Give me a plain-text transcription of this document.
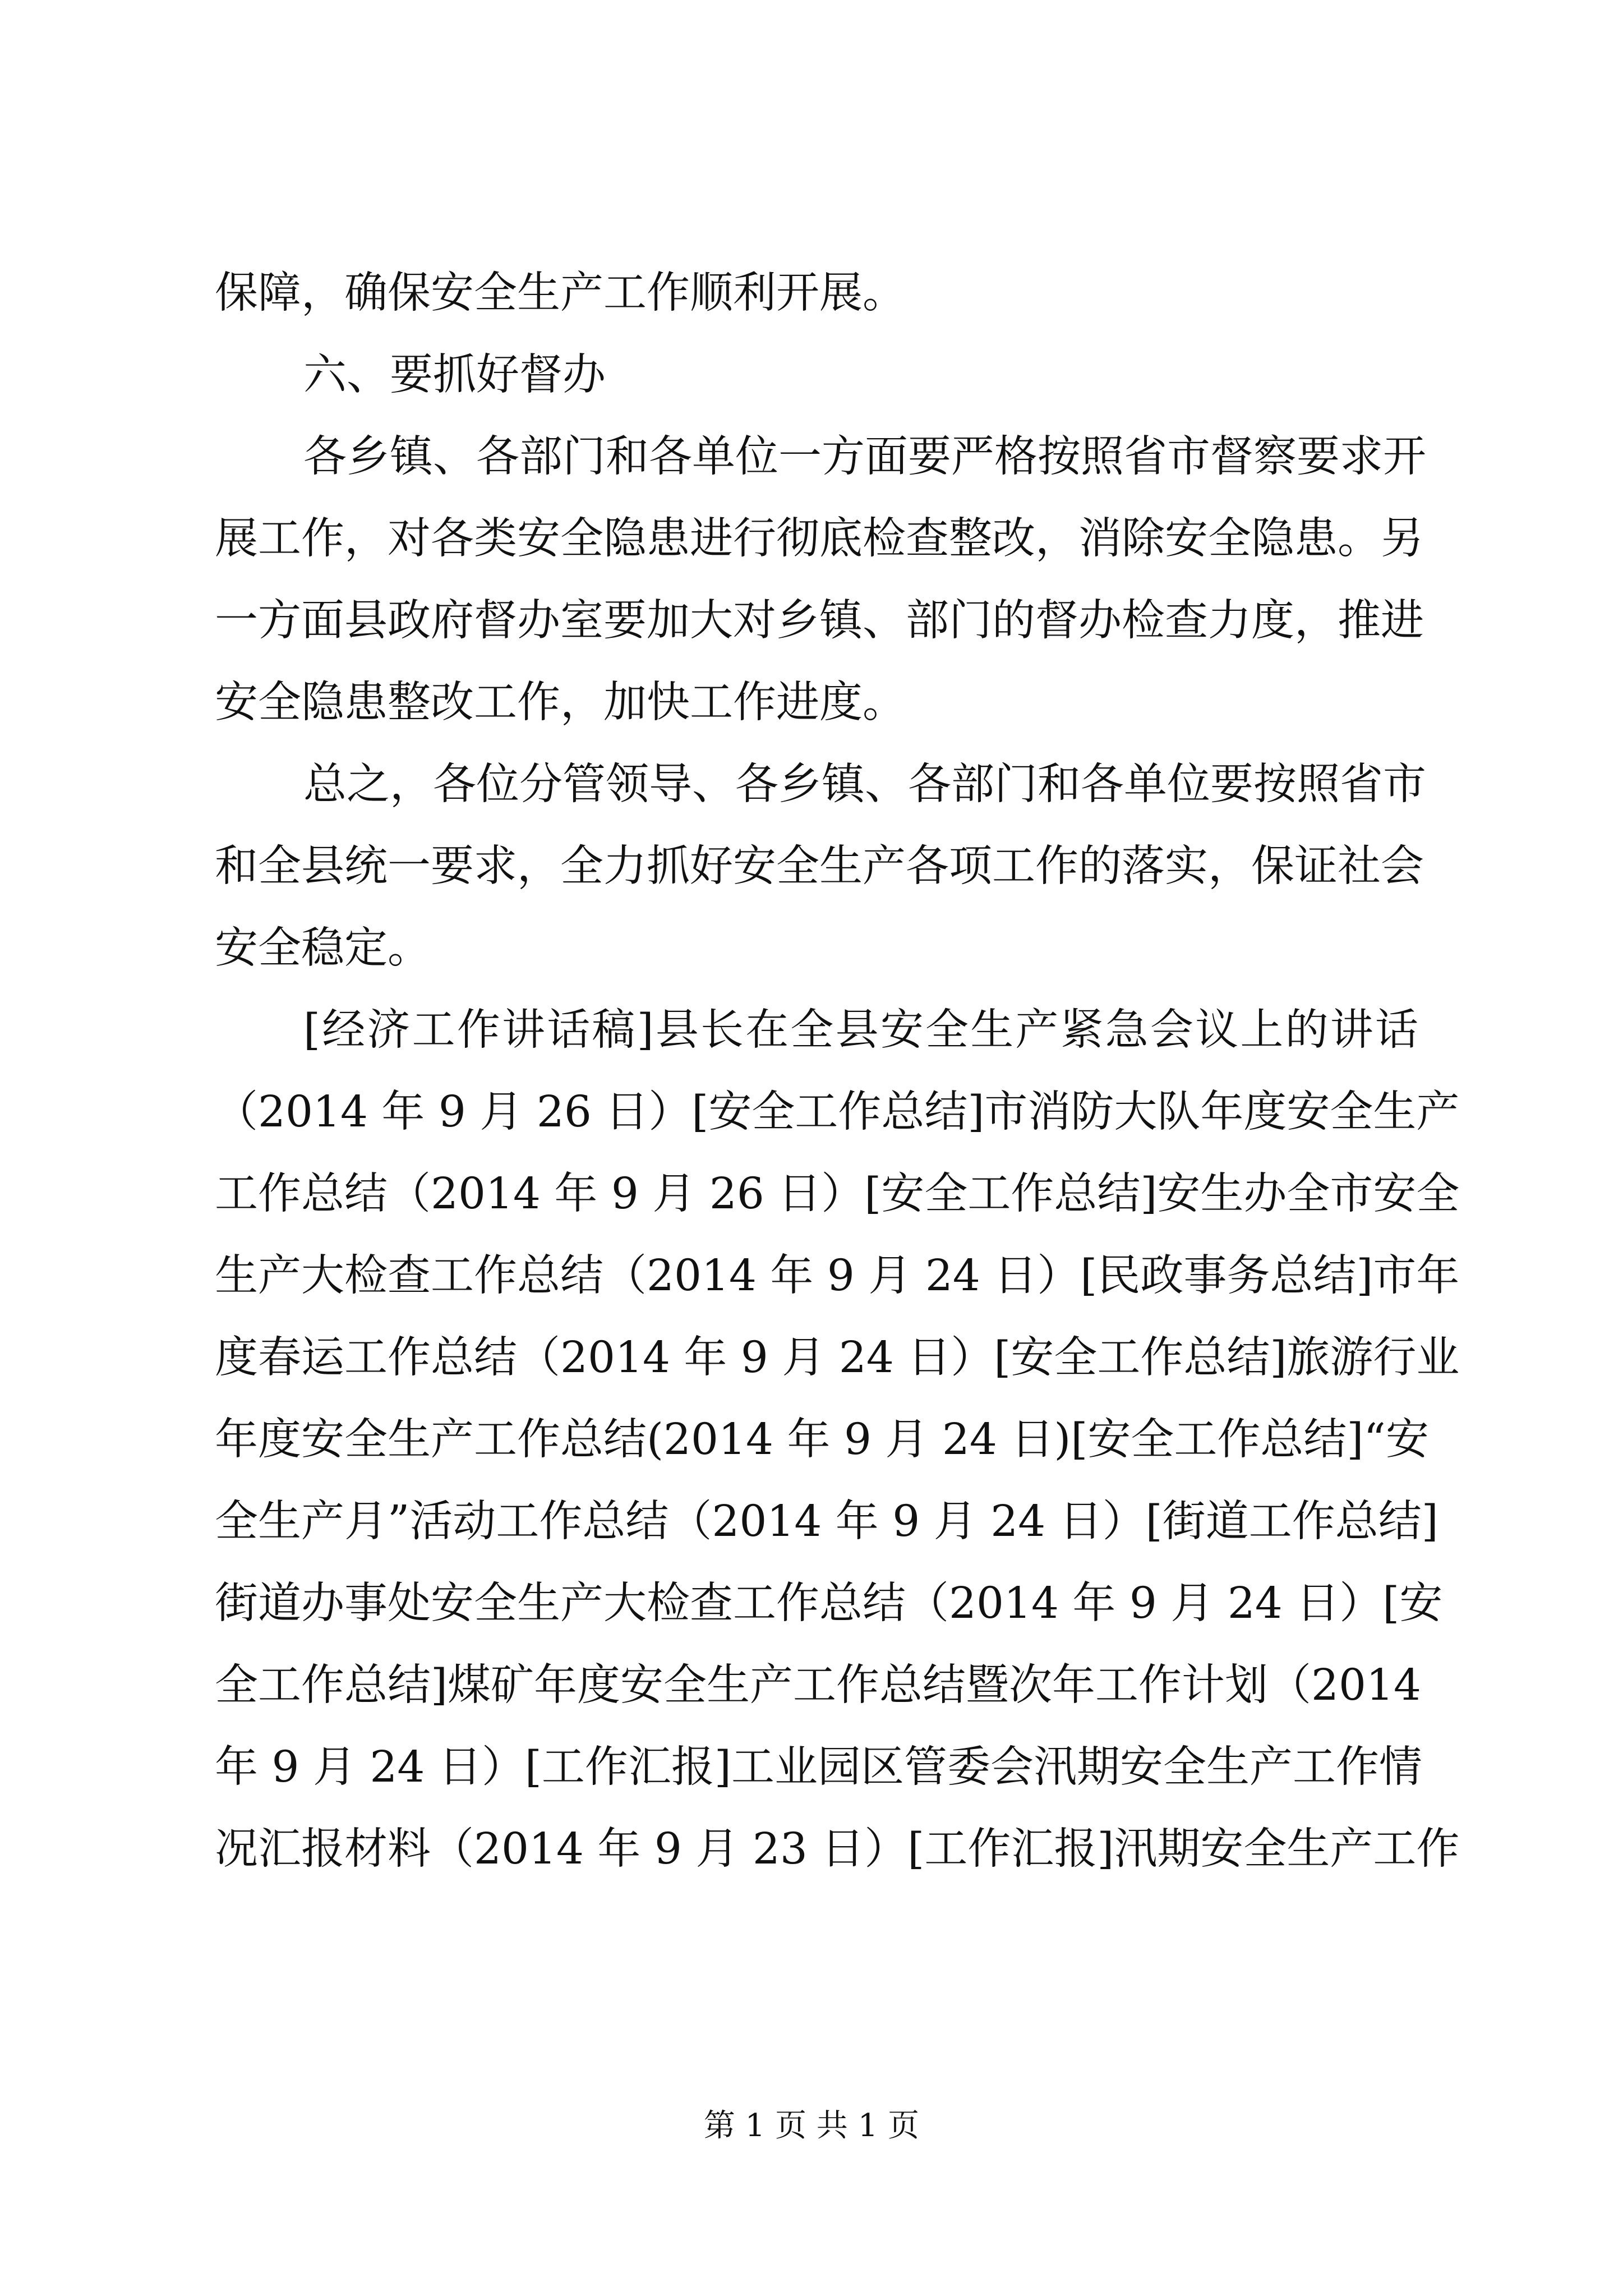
保障，确保安全生产工作顺利开展。
六、要抓好督办
各乡镇、各部门和各单位一方面要严格按照省市督察要求开
展工作，对各类安全隐患进行彻底检查整改，消除安全隐患。另
一方面县政府督办室要加大对乡镇、部门的督办检查力度，推进
安全隐患整改工作，加快工作进度。
总之，各位分管领导、各乡镇、各部门和各单位要按照省市
和全县统一要求，全力抓好安全生产各项工作的落实，保证社会
安全稳定。
[经济工作讲话稿]县长在全县安全生产紧急会议上的讲话
（2014 年 9 月 26 日）[安全工作总结]市消防大队年度安全生产
工作总结（2014 年 9 月 26 日）[安全工作总结]安生办全市安全
生产大检查工作总结（2014 年 9 月 24 日）[民政事务总结]市年
度春运工作总结（2014 年 9 月 24 日）[安全工作总结]旅游行业
年度安全生产工作总结(2014 年 9 月 24 日)[安全工作总结]“安
全生产月”活动工作总结（2014 年 9 月 24 日）[街道工作总结]
街道办事处安全生产大检查工作总结（2014 年 9 月 24 日）[安
全工作总结]煤矿年度安全生产工作总结暨次年工作计划（2014
年 9 月 24 日）[工作汇报]工业园区管委会汛期安全生产工作情
况汇报材料（2014 年 9 月 23 日）[工作汇报]汛期安全生产工作
第 1 页 共 1 页
